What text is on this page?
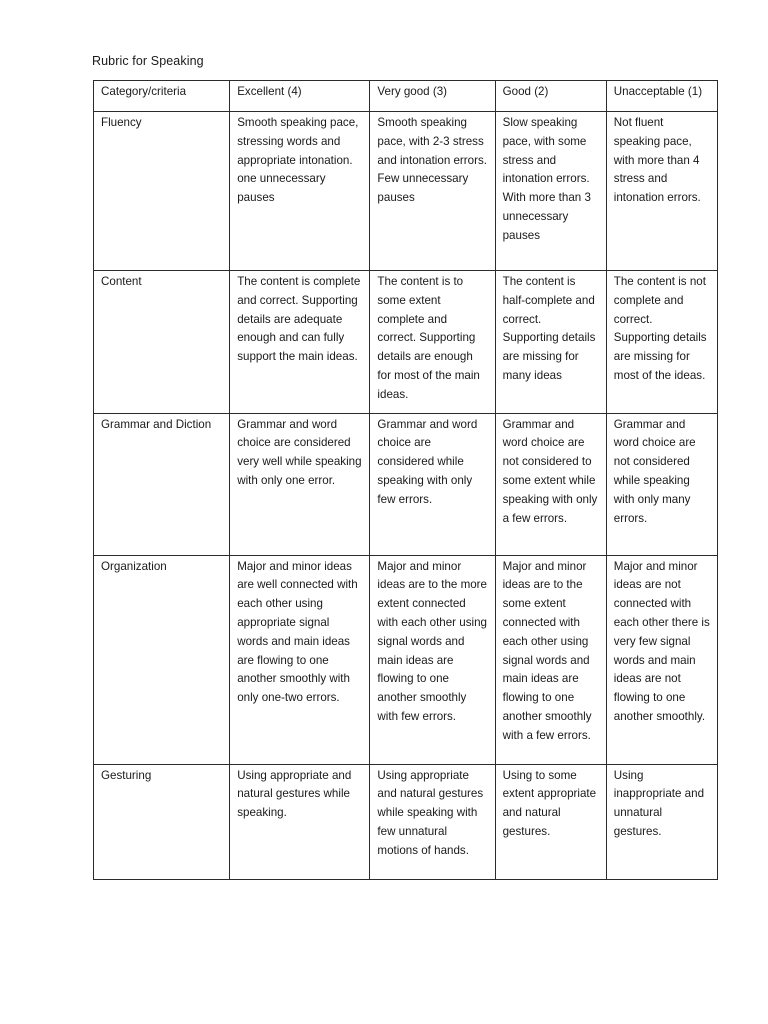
Rubric for Speaking
Category/criteria	Excellent (4)	Very good (3)	Good (2)	Unacceptable (1)
Fluency	Smooth speaking pace, stressing words and appropriate intonation. one unnecessary pauses	Smooth speaking pace, with 2-3 stress and intonation errors. Few unnecessary pauses	Slow speaking pace, with some stress and intonation errors. With more than 3 unnecessary pauses	Not fluent speaking pace, with more than 4 stress and intonation errors.
Content	The content is complete and correct. Supporting details are adequate enough and can fully support the main ideas.	The content is to some extent complete and correct. Supporting details are enough for most of the main ideas.	The content is half-complete and correct. Supporting details are missing for many ideas	The content is not complete and correct. Supporting details are missing for most of the ideas.
Grammar and Diction	Grammar and word choice are considered very well while speaking with only one error.	Grammar and word choice are considered while speaking with only few errors.	Grammar and word choice are not considered to some extent while speaking with only a few errors.	Grammar and word choice are not considered while speaking with only many errors.
Organization	Major and minor ideas are well connected with each other using appropriate signal words and main ideas are flowing to one another smoothly with only one-two errors.	Major and minor ideas are to the more extent connected with each other using signal words and main ideas are flowing to one another smoothly with few errors.	Major and minor ideas are to the some extent connected with each other using signal words and main ideas are flowing to one another smoothly with a few errors.	Major and minor ideas are not connected with each other there is very few signal words and main ideas are not flowing to one another smoothly.
Gesturing	Using appropriate and natural gestures while speaking.	Using appropriate and natural gestures while speaking with few unnatural motions of hands.	Using to some extent appropriate and natural gestures.	Using inappropriate and unnatural gestures.
